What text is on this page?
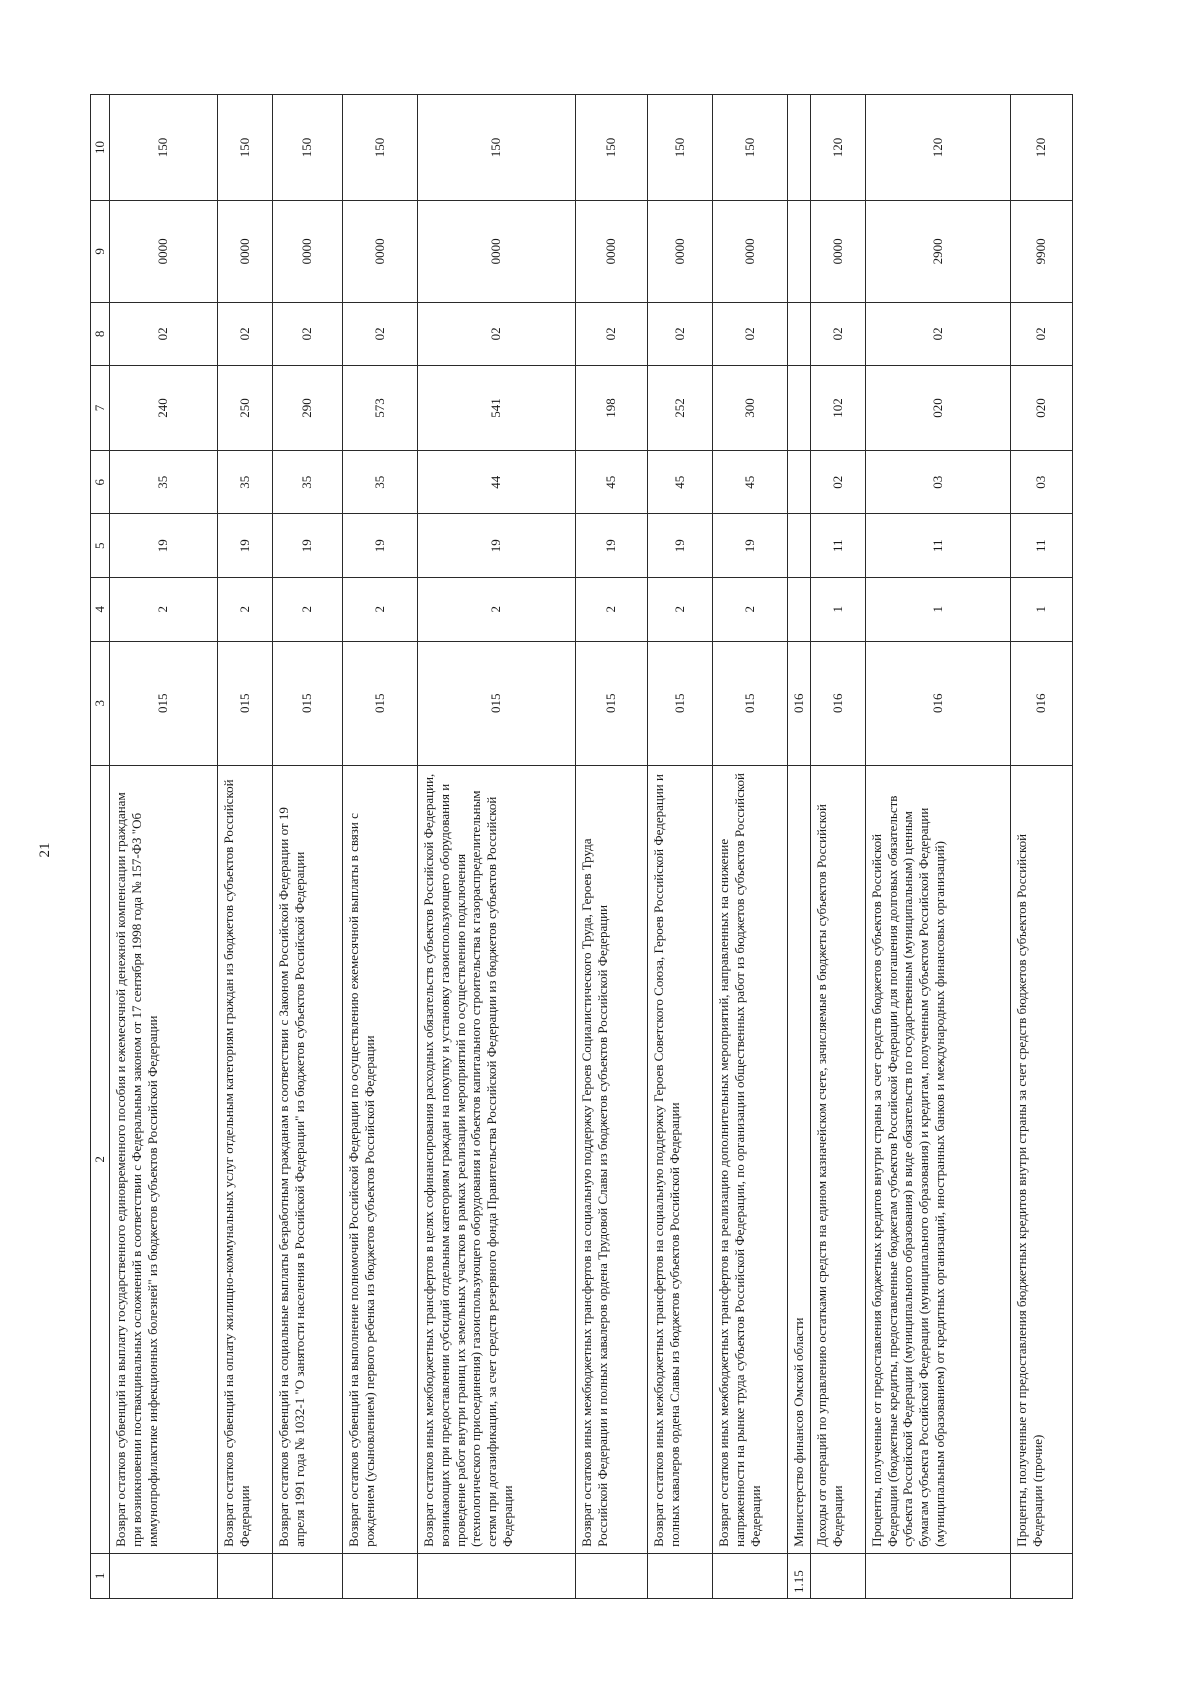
21
1	2	3	4	5	6	7	8	9	10
	Возврат остатков субвенций на выплату государственного единовременного пособия и ежемесячной денежной компенсации гражданам при возникновении поствакцинальных осложнений в соответствии с Федеральным законом от 17 сентября 1998 года № 157-ФЗ "Об иммунопрофилактике инфекционных болезней" из бюджетов субъектов Российской Федерации	015	2	19	35	240	02	0000	150
	Возврат остатков субвенций на оплату жилищно-коммунальных услуг отдельным категориям граждан из бюджетов субъектов Российской Федерации	015	2	19	35	250	02	0000	150
	Возврат остатков субвенций на социальные выплаты безработным гражданам в соответствии с Законом Российской Федерации от 19 апреля 1991 года № 1032-1 "О занятости населения в Российской Федерации" из бюджетов субъектов Российской Федерации	015	2	19	35	290	02	0000	150
	Возврат остатков субвенций на выполнение полномочий Российской Федерации по осуществлению ежемесячной выплаты в связи с рождением (усыновлением) первого ребенка из бюджетов субъектов Российской Федерации	015	2	19	35	573	02	0000	150
	Возврат остатков иных межбюджетных трансфертов в целях софинансирования расходных обязательств субъектов Российской Федерации, возникающих при предоставлении субсидий отдельным категориям граждан на покупку и установку газоиспользующего оборудования и проведение работ внутри границ их земельных участков в рамках реализации мероприятий по осуществлению подключения (технологического присоединения) газоиспользующего оборудования и объектов капитального строительства к газораспределительным сетям при догазификации, за счет средств резервного фонда Правительства Российской Федерации из бюджетов субъектов Российской Федерации	015	2	19	44	541	02	0000	150
	Возврат остатков иных межбюджетных трансфертов на социальную поддержку Героев Социалистического Труда, Героев Труда Российской Федерации и полных кавалеров ордена Трудовой Славы из бюджетов субъектов Российской Федерации	015	2	19	45	198	02	0000	150
	Возврат остатков иных межбюджетных трансфертов на социальную поддержку Героев Советского Союза, Героев Российской Федерации и полных кавалеров ордена Славы из бюджетов субъектов Российской Федерации	015	2	19	45	252	02	0000	150
	Возврат остатков иных межбюджетных трансфертов на реализацию дополнительных мероприятий, направленных на снижение напряженности на рынке труда субъектов Российской Федерации, по организации общественных работ из бюджетов субъектов Российской Федерации	015	2	19	45	300	02	0000	150
1.15	Министерство финансов Омской области	016							
	Доходы от операций по управлению остатками средств на едином казначейском счете, зачисляемые в бюджеты субъектов Российской Федерации	016	1	11	02	102	02	0000	120
	Проценты, полученные от предоставления бюджетных кредитов внутри страны за счет средств бюджетов субъектов Российской Федерации (бюджетные кредиты, предоставленные бюджетам субъектов Российской Федерации для погашения долговых обязательств субъекта Российской Федерации (муниципального образования) в виде обязательств по государственным (муниципальным) ценным бумагам субъекта Российской Федерации (муниципального образования) и кредитам, полученным субъектом Российской Федерации (муниципальным образованием) от кредитных организаций, иностранных банков и международных финансовых организаций)	016	1	11	03	020	02	2900	120
	Проценты, полученные от предоставления бюджетных кредитов внутри страны за счет средств бюджетов субъектов Российской Федерации (прочие)	016	1	11	03	020	02	9900	120
